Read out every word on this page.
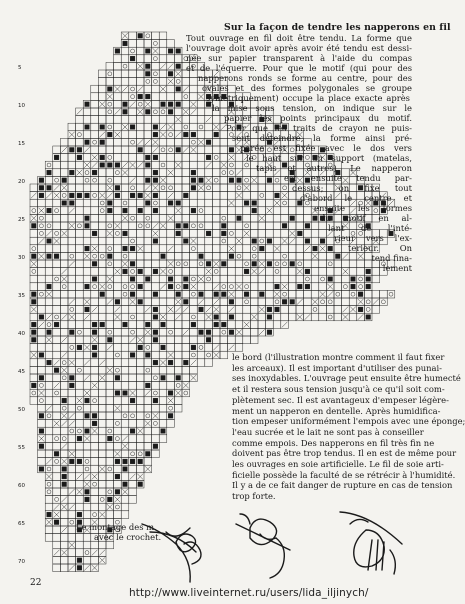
5
10
15
20
25
30
35
40
45
50
55
60
65
70
Sur la façon de tendre les napperons en fil
Tout ouvrage en fil doit être tendu. La forme que
l'ouvrage doit avoir après avoir été tendu est dessi-
née sur papier transparent à l'aide du compas
et de l'équerre. Pour que le motif (qui pour des
napperons ronds se forme au centre, pour des
ovales et des formes polygonales se groupe
symétriquement) occupe la place exacte après
la mise sous tension, on indique sur le
papier les points principaux du motif.
Pour que les traits de crayon ne puis-
sent déteindre, la forme ainsi pré-
parée est fixée avec le dos vers
le haut sur un support (matelas,
tapis et autres). Le napperon
est ensuite tendu par-
dessus; on fixe tout
d'abord le centre et
ensuite les formes
du motif en al-
lant de l'inté-
rieur vers l'ex-
terieur. On
tend fina-
lement
le bord (l'illustration montre comment il faut fixer
les arceaux). Il est important d'utiliser des punai-
ses inoxydables. L'ouvrage peut ensuite être humecté
et il restera sous tension jusqu'à ce qu'il soit com-
plètement sec. Il est avantageux d'empeser légère-
ment un napperon en dentelle. Après humidifica-
tion empeser uniformément l'empois avec une éponge;
l'eau sucrée et le lait ne sont pas à conseiller
comme empois. Des napperons en fil très fin ne
doivent pas être trop tendus. Il en est de même pour
les ouvrages en soie artificielle. Le fil de soie arti-
ficielle possède la faculté de se rétrécir à l'humidité.
Il y a de ce fait danger de rupture en cas de tension
trop forte.
Le montage des m.
avec le crochet.
22
http://www.liveinternet.ru/users/lida_iljinych/
